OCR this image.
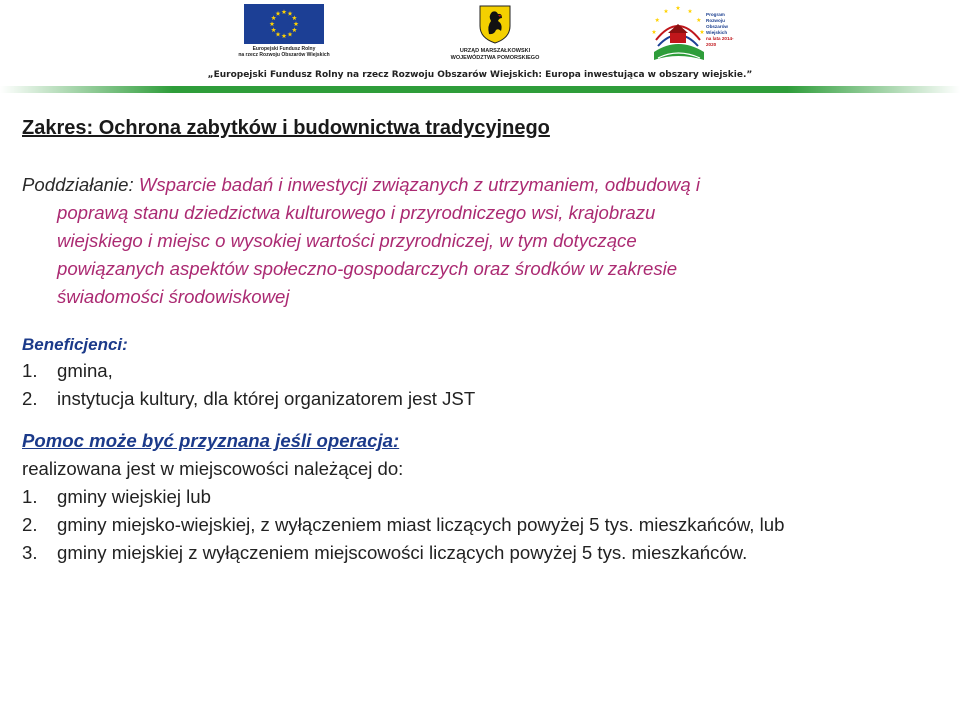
Europejski Fundusz Rolny
na rzecz Rozwoju Obszarów Wiejskich
URZĄD MARSZAŁKOWSKI
WOJEWÓDZTWA POMORSKIEGO
Program
Rozwoju
Obszarów
Wiejskich
na lata 2014-2020
„Europejski Fundusz Rolny na rzecz Rozwoju Obszarów Wiejskich: Europa inwestująca w obszary wiejskie.”
Zakres: Ochrona zabytków i budownictwa tradycyjnego
Poddziałanie: Wsparcie badań i inwestycji związanych z utrzymaniem, odbudową i
poprawą stanu dziedzictwa kulturowego i przyrodniczego wsi, krajobrazu
wiejskiego i miejsc o wysokiej wartości przyrodniczej, w tym dotyczące
powiązanych aspektów społeczno-gospodarczych oraz środków w zakresie
świadomości środowiskowej
Beneficjenci:
1. gmina,
2. instytucja kultury, dla której organizatorem jest JST
Pomoc może być przyznana jeśli operacja:
realizowana jest w miejscowości należącej do:
1. gminy wiejskiej lub
2. gminy miejsko-wiejskiej, z wyłączeniem miast liczących powyżej 5 tys. mieszkańców, lub
3. gminy miejskiej z wyłączeniem miejscowości liczących powyżej 5 tys. mieszkańców.
